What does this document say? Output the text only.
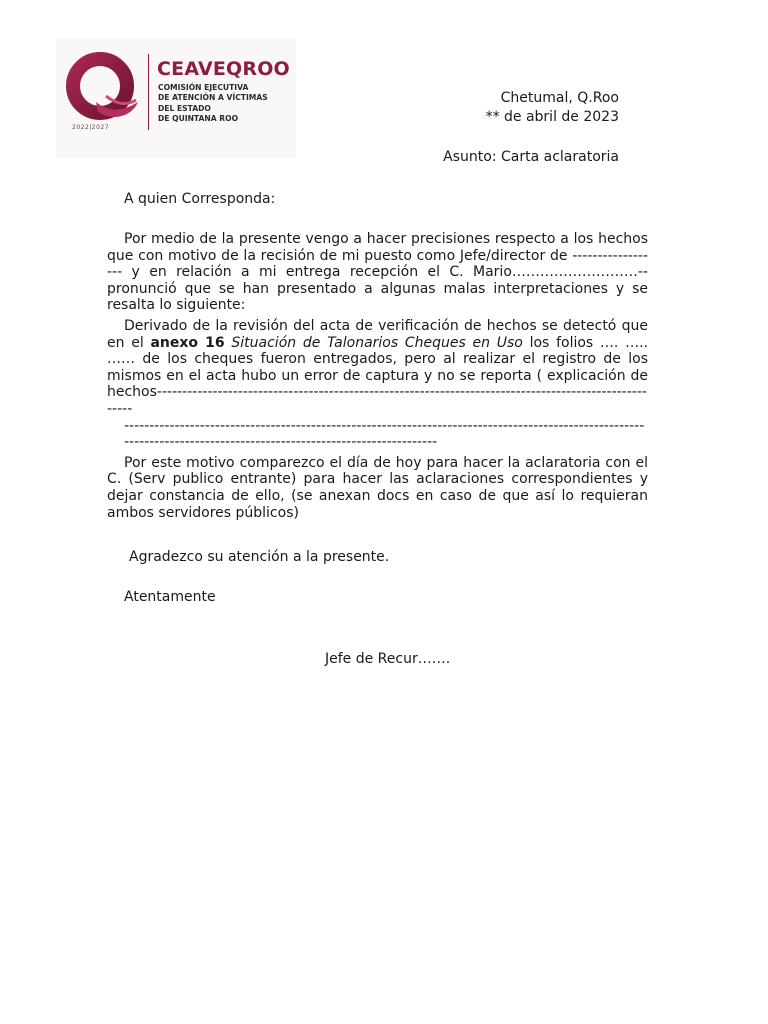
2022|2027
CEAVEQROO
COMISIÓN EJECUTIVA
DE ATENCIÓN A VÍCTIMAS
DEL ESTADO
DE QUINTANA ROO
Chetumal, Q.Roo
** de abril de 2023
Asunto: Carta aclaratoria
A quien Corresponda:

Por medio de la presente vengo a hacer precisiones respecto a los hechos que con motivo de la recisión de mi puesto como Jefe/director de ------------------ y en relación a mi entrega recepción el C. Mario………………………-- pronunció que se han presentado a algunas malas interpretaciones y se resalta lo siguiente:

Derivado de la revisión del acta de verificación de hechos se detectó que en el anexo 16 Situación de Talonarios Cheques en Uso los folios …. ….. …… de los cheques fueron entregados, pero al realizar el registro de los mismos en el acta hubo un error de captura y no se reporta ( explicación de hechos------------------------------------------------------------------------------------------------------
-------------------------------------------------------------------------------------------------------
--------------------------------------------------------------

Por este motivo comparezco el día de hoy para hacer la aclaratoria con el C. (Serv publico entrante) para hacer las aclaraciones correspondientes y dejar constancia de ello, (se anexan docs en caso de que así lo requieran ambos servidores públicos)

Agradezco su atención a la presente.
Atentamente
Jefe de Recur…….
